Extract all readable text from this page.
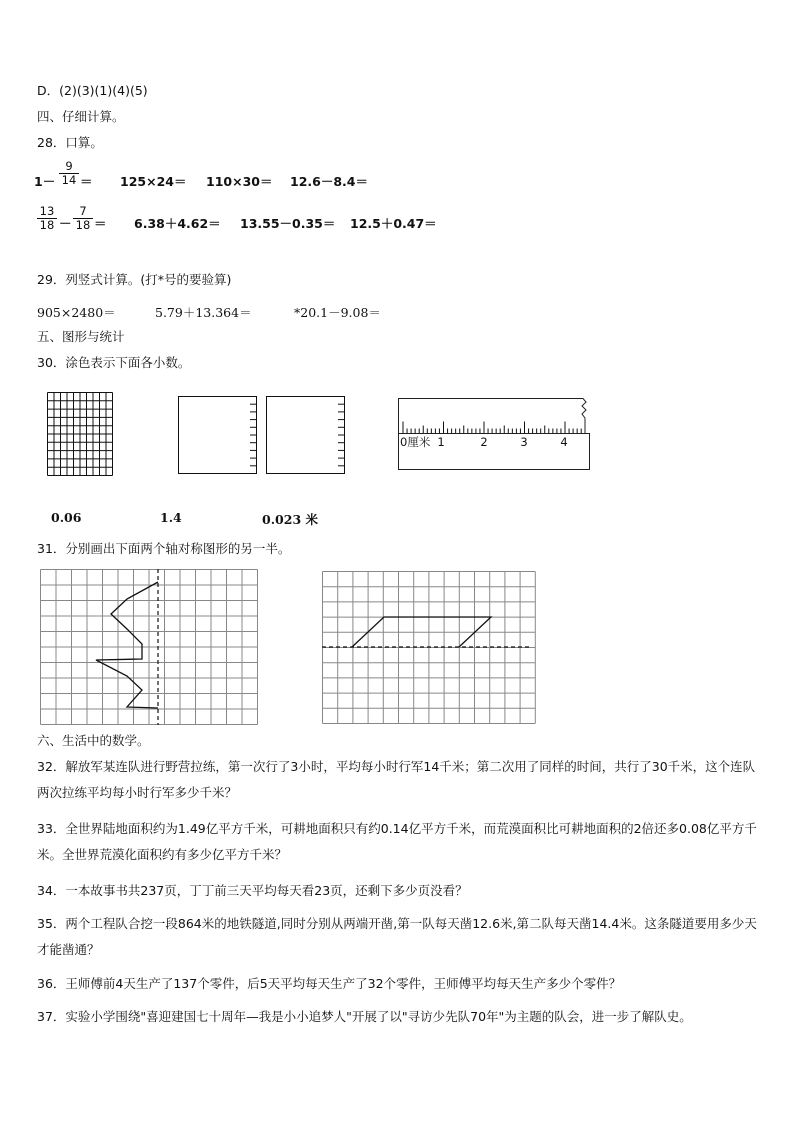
D．(2)(3)(1)(4)(5)
四、仔细计算。
28．口算。
$1- \frac{9}{14} = 125\times 24= 110\times 30= 12.6-8.4=$
$\frac{13}{18} - \frac{7}{18} = 6.38+4.62= 13.55-0.35= 12.5+0.47=$
29．列竖式计算。(打*号的要验算)
905×2480＝	5.79＋13.364＝	*20.1－9.08＝
五、图形与统计
30．涂色表示下面各小数。
0厘米 1	2	3	4
0.06	1.4	0.023 米
31．分别画出下面两个轴对称图形的另一半。
六、生活中的数学。
32．解放军某连队进行野营拉练，第一次行了3小时，平均每小时行军14千米；第二次用了同样的时间，共行了30千米，这个连队两次拉练平均每小时行军多少千米？
33．全世界陆地面积约为1.49亿平方千米，可耕地面积只有约0.14亿平方千米，而荒漠面积比可耕地面积的2倍还多0.08亿平方千米。全世界荒漠化面积约有多少亿平方千米？
34．一本故事书共237页，丁丁前三天平均每天看23页，还剩下多少页没看？
35．两个工程队合挖一段864米的地铁隧道,同时分别从两端开凿,第一队每天凿12.6米,第二队每天凿14.4米。这条隧道要用多少天才能凿通？
36．王师傅前4天生产了137个零件，后5天平均每天生产了32个零件，王师傅平均每天生产多少个零件？
37．实验小学围绕"喜迎建国七十周年—我是小小追梦人"开展了以"寻访少先队70年"为主题的队会，进一步了解队史。
